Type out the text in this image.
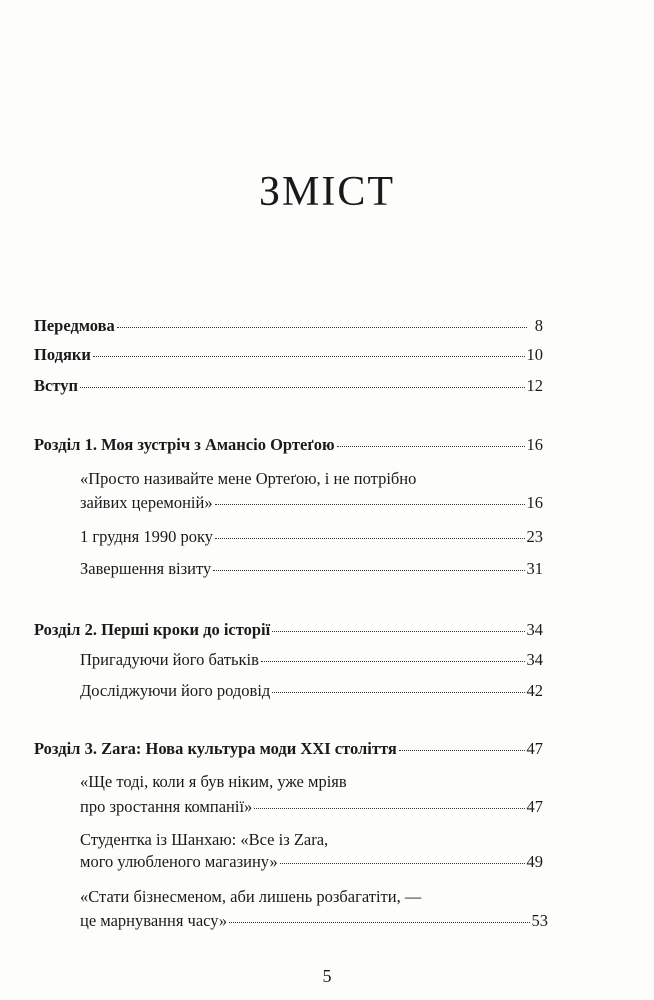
ЗМІСТ
Передмова	8
Подяки	10
Вступ	12
Розділ 1. Моя зустріч з Амансіо Ортеґою	16
«Просто називайте мене Ортеґою, і не потрібно
зайвих церемоній»	16
1 грудня 1990 року	23
Завершення візиту	31
Розділ 2. Перші кроки до історії	34
Пригадуючи його батьків	34
Досліджуючи його родовід	42
Розділ 3. Zara: Нова культура моди XXI століття	47
«Ще тоді, коли я був ніким, уже мріяв
про зростання компанії»	47
Студентка із Шанхаю: «Все із Zara,
мого улюбленого магазину»	49
«Стати бізнесменом, аби лишень розбагатіти, —
це марнування часу»	53
5
